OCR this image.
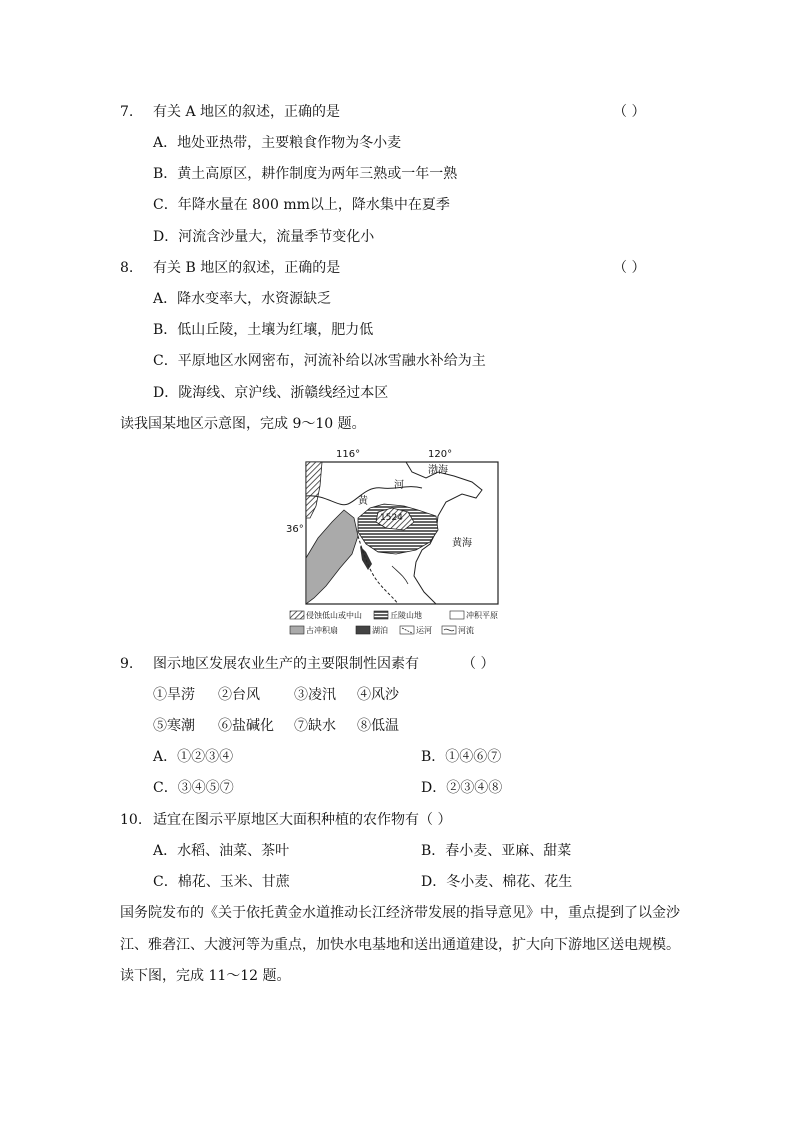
7. 有关 A 地区的叙述，正确的是	（ ）
A．地处亚热带，主要粮食作物为冬小麦
B．黄土高原区，耕作制度为两年三熟或一年一熟
C．年降水量在 800 mm以上，降水集中在夏季
D．河流含沙量大，流量季节变化小
8. 有关 B 地区的叙述，正确的是	（ ）
A．降水变率大，水资源缺乏
B．低山丘陵，土壤为红壤，肥力低
C．平原地区水网密布，河流补给以冰雪融水补给为主
D．陇海线、京沪线、浙赣线经过本区
读我国某地区示意图，完成 9～10 题。
116°	120°
渤海
河
黄
1524
黄海
36°
侵蚀低山或中山	丘陵山地	冲积平原
古冲积扇	湖泊	运河	河流
9. 图示地区发展农业生产的主要限制性因素有	（ ）
①旱涝 ②台风 ③凌汛 ④风沙
⑤寒潮 ⑥盐碱化 ⑦缺水 ⑧低温
A．①②③④	B．①④⑥⑦
C．③④⑤⑦	D．②③④⑧
10. 适宜在图示平原地区大面积种植的农作物有（ ）
A．水稻、油菜、茶叶	B．春小麦、亚麻、甜菜
C．棉花、玉米、甘蔗	D．冬小麦、棉花、花生
国务院发布的《关于依托黄金水道推动长江经济带发展的指导意见》中，重点提到了以金沙
江、雅砻江、大渡河等为重点，加快水电基地和送出通道建设，扩大向下游地区送电规模。
读下图，完成 11～12 题。
